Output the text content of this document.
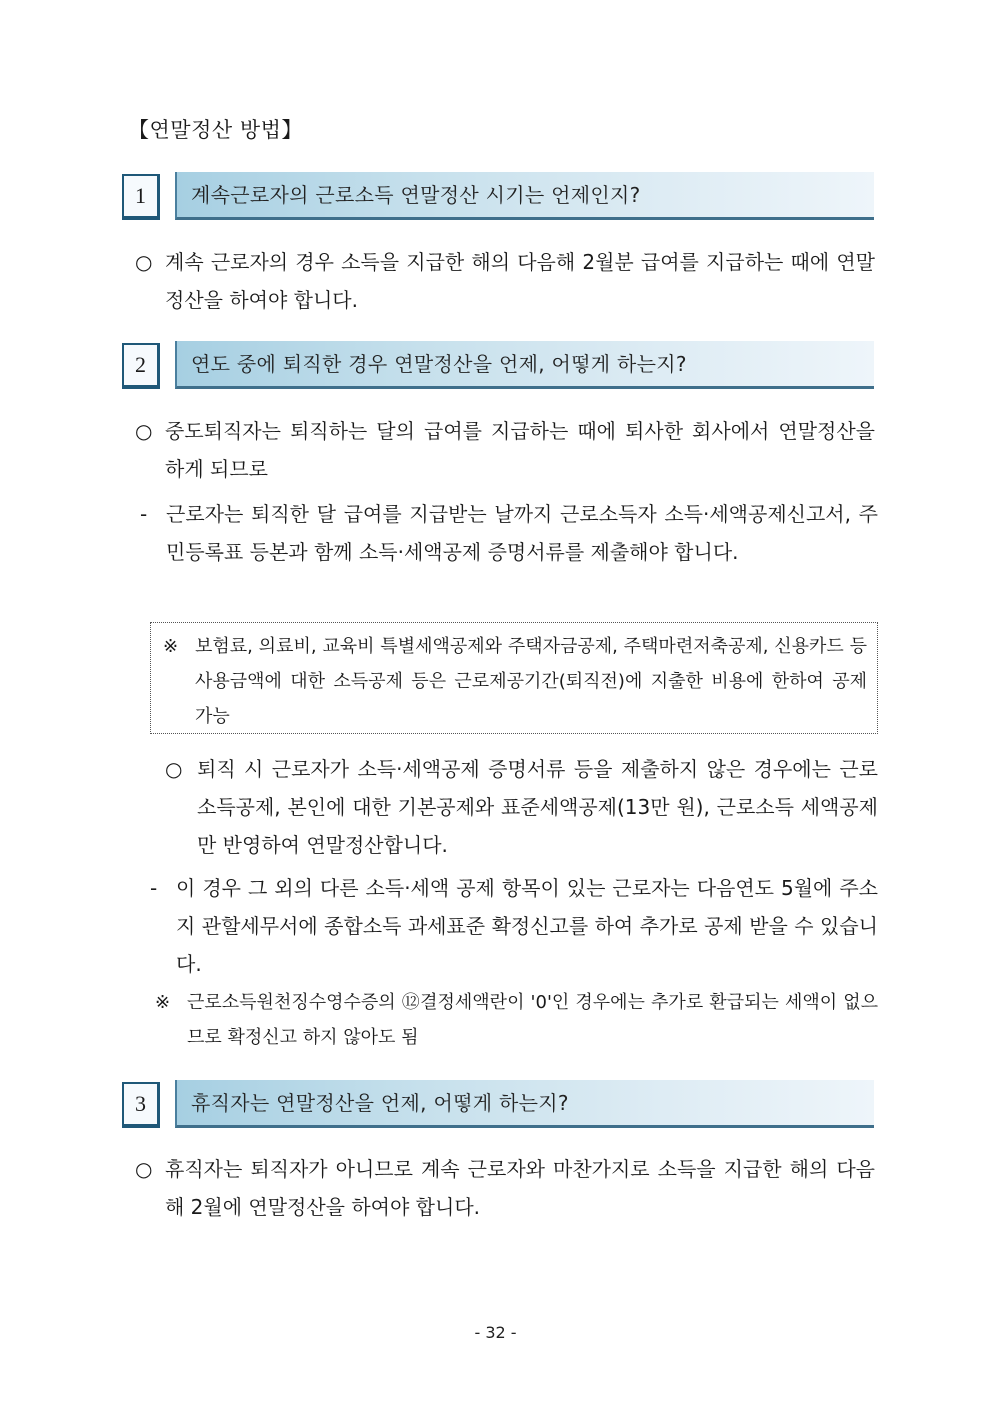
【연말정산 방법】
1	계속근로자의 근로소득 연말정산 시기는 언제인지?
○ 계속 근로자의 경우 소득을 지급한 해의 다음해 2월분 급여를 지급하는 때에 연말정산을 하여야 합니다.
2	연도 중에 퇴직한 경우 연말정산을 언제, 어떻게 하는지?
○ 중도퇴직자는 퇴직하는 달의 급여를 지급하는 때에 퇴사한 회사에서 연말정산을 하게 되므로
- 근로자는 퇴직한 달 급여를 지급받는 날까지 근로소득자 소득·세액공제신고서, 주민등록표 등본과 함께 소득·세액공제 증명서류를 제출해야 합니다.
※ 보험료, 의료비, 교육비 특별세액공제와 주택자금공제, 주택마련저축공제, 신용카드 등 사용금액에 대한 소득공제 등은 근로제공기간(퇴직전)에 지출한 비용에 한하여 공제 가능
○ 퇴직 시 근로자가 소득·세액공제 증명서류 등을 제출하지 않은 경우에는 근로소득공제, 본인에 대한 기본공제와 표준세액공제(13만 원), 근로소득 세액공제만 반영하여 연말정산합니다.
- 이 경우 그 외의 다른 소득·세액 공제 항목이 있는 근로자는 다음연도 5월에 주소지 관할세무서에 종합소득 과세표준 확정신고를 하여 추가로 공제 받을 수 있습니다.
※ 근로소득원천징수영수증의 ⑫결정세액란이 '0'인 경우에는 추가로 환급되는 세액이 없으므로 확정신고 하지 않아도 됨
3	휴직자는 연말정산을 언제, 어떻게 하는지?
○ 휴직자는 퇴직자가 아니므로 계속 근로자와 마찬가지로 소득을 지급한 해의 다음해 2월에 연말정산을 하여야 합니다.
- 32 -
